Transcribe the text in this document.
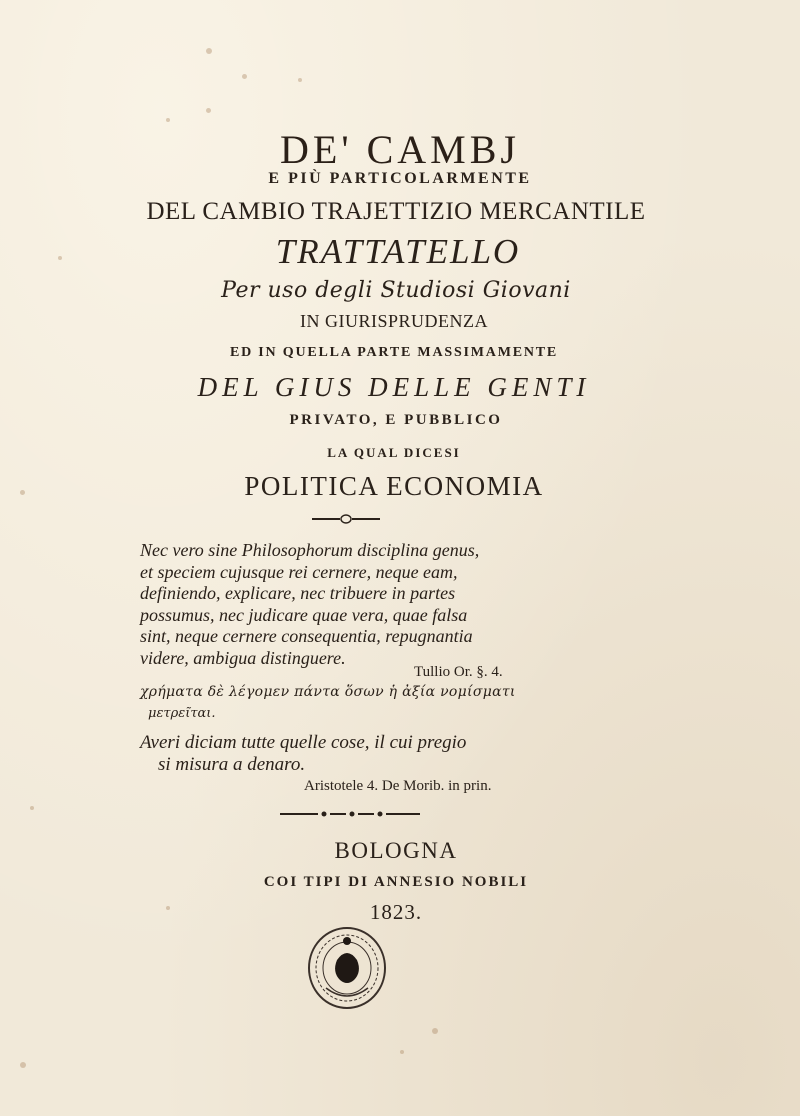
DE' CAMBJ
E PIÙ PARTICOLARMENTE
DEL CAMBIO TRAJETTIZIO MERCANTILE
TRATTATELLO
Per uso degli Studiosi Giovani
IN GIURISPRUDENZA
ED IN QUELLA PARTE MASSIMAMENTE
DEL GIUS DELLE GENTI
PRIVATO, E PUBBLICO
LA QUAL DICESI
POLITICA ECONOMIA
Nec vero sine Philosophorum disciplina genus,
et speciem cujusque rei cernere, neque eam,
definiendo, explicare, nec tribuere in partes
possumus, nec judicare quae vera, quae falsa
sint, neque cernere consequentia, repugnantia
videre, ambigua distinguere.
Tullio Or. §. 4.
χρήματα δὲ λέγομεν πάντα ὅσων ἡ ἀξία νομίσματι
μετρεῖται.
Averi diciam tutte quelle cose, il cui pregio
si misura a denaro.
Aristotele 4. De Morib. in prin.
BOLOGNA
COI TIPI DI ANNESIO NOBILI
1823.
